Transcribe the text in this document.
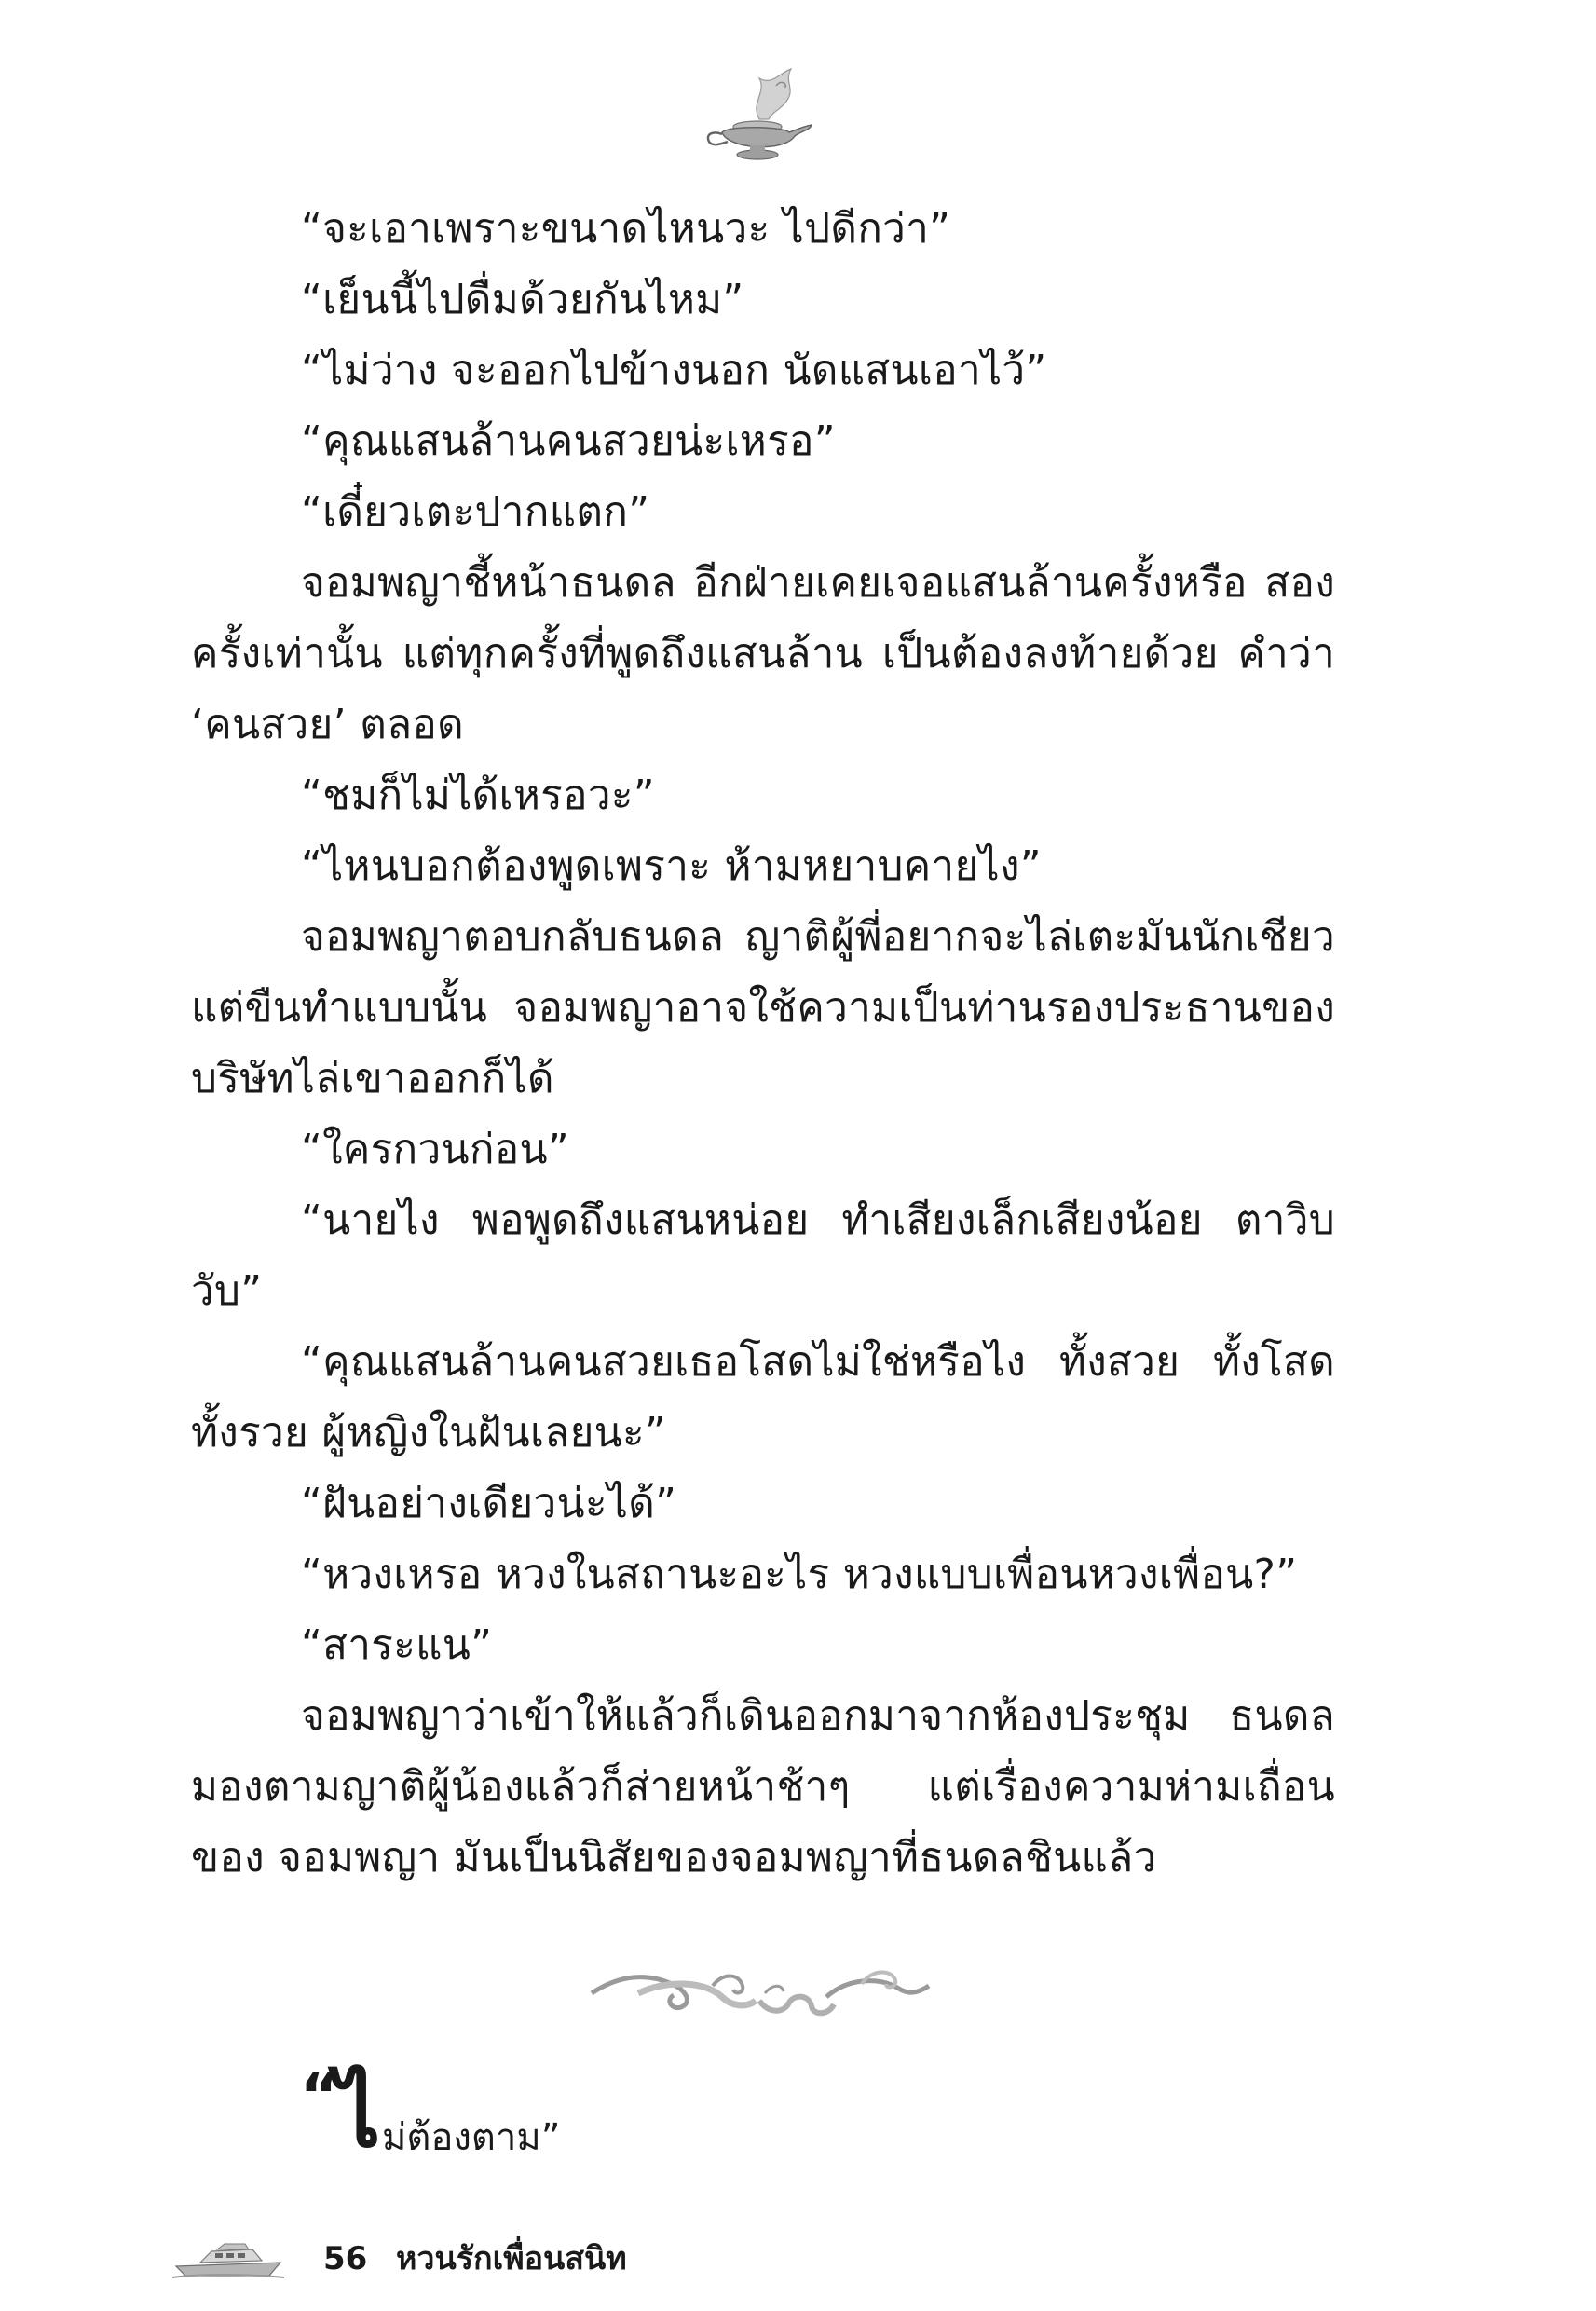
“จะเอาเพราะขนาดไหนวะ ไปดีกว่า”

“เย็นนี้ไปดื่มด้วยกันไหม”

“ไม่ว่าง จะออกไปข้างนอก นัดแสนเอาไว้”

“คุณแสนล้านคนสวยน่ะเหรอ”

“เดี๋ยวเตะปากแตก”

จอมพญาชี้หน้าธนดล อีกฝ่ายเคยเจอแสนล้านครั้งหรือ สองครั้งเท่านั้น แต่ทุกครั้งที่พูดถึงแสนล้าน เป็นต้องลงท้ายด้วย คำว่า ‘คนสวย’ ตลอด

“ชมก็ไม่ได้เหรอวะ”

“ไหนบอกต้องพูดเพราะ ห้ามหยาบคายไง”

จอมพญาตอบกลับธนดล ญาติผู้พี่อยากจะไล่เตะมันนักเชียว แต่ขืนทำแบบนั้น จอมพญาอาจใช้ความเป็นท่านรองประธานของ บริษัทไล่เขาออกก็ได้

“ใครกวนก่อน”

“นายไง พอพูดถึงแสนหน่อย ทำเสียงเล็กเสียงน้อย ตาวิบวับ”

“คุณแสนล้านคนสวยเธอโสดไม่ใช่หรือไง ทั้งสวย ทั้งโสด ทั้งรวย ผู้หญิงในฝันเลยนะ”

“ฝันอย่างเดียวน่ะได้”

“หวงเหรอ หวงในสถานะอะไร หวงแบบเพื่อนหวงเพื่อน?”

“สาระแน”

จอมพญาว่าเข้าให้แล้วก็เดินออกมาจากห้องประชุม ธนดล มองตามญาติผู้น้องแล้วก็ส่ายหน้าช้าๆ แต่เรื่องความห่ามเถื่อนของ จอมพญา มันเป็นนิสัยของจอมพญาที่ธนดลชินแล้ว

“
ไ ม่ต้องตาม”
56 หวนรักเพื่อนสนิท
